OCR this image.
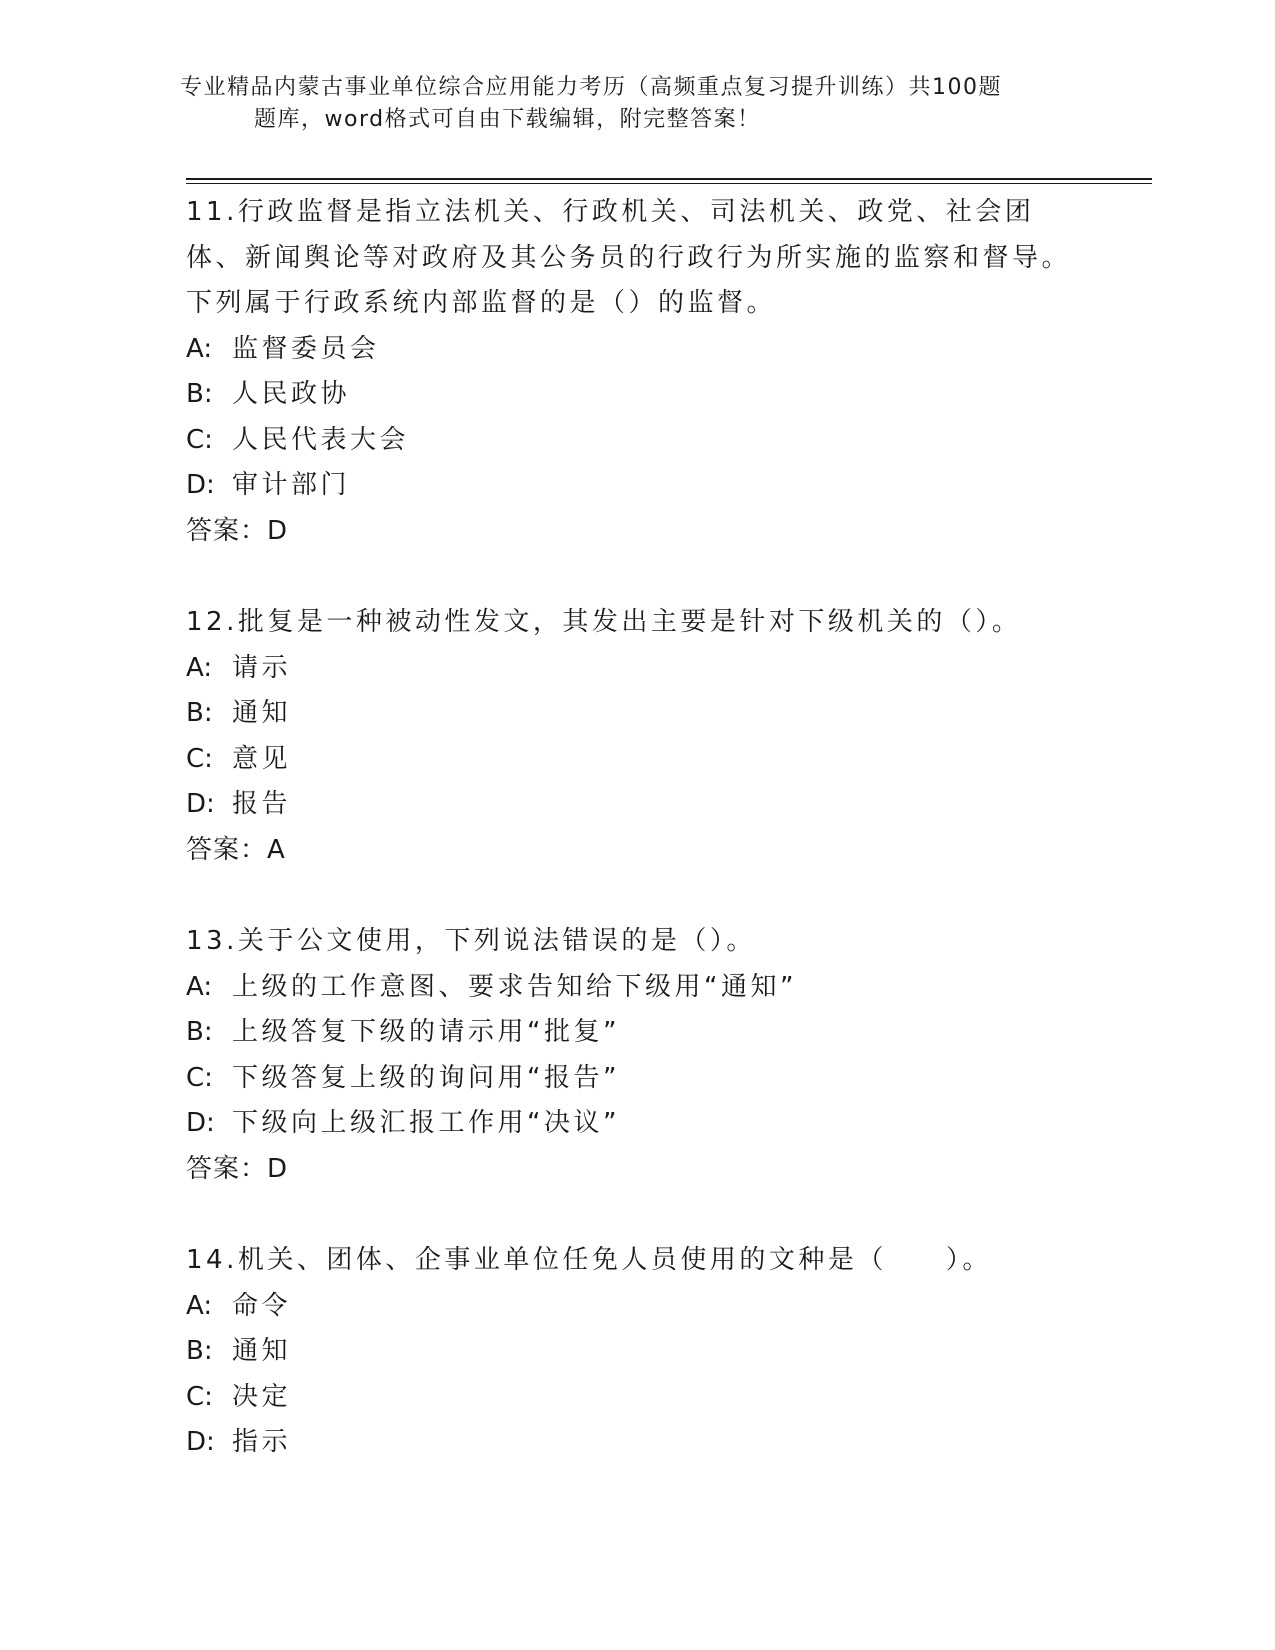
专业精品内蒙古事业单位综合应用能力考历（高频重点复习提升训练）共100题
题库，word格式可自由下载编辑，附完整答案！

11.行政监督是指立法机关、行政机关、司法机关、政党、社会团体、新闻舆论等对政府及其公务员的行政行为所实施的监察和督导。下列属于行政系统内部监督的是（）的监督。

A: 监督委员会

B: 人民政协

C: 人民代表大会

D: 审计部门

答案：D

12.批复是一种被动性发文，其发出主要是针对下级机关的（）。

A: 请示

B: 通知

C: 意见

D: 报告

答案：A

13.关于公文使用，下列说法错误的是（）。

A: 上级的工作意图、要求告知给下级用“通知”

B: 上级答复下级的请示用“批复”

C: 下级答复上级的询问用“报告”

D: 下级向上级汇报工作用“决议”

答案：D

14.机关、团体、企事业单位任免人员使用的文种是（　　）。

A: 命令

B: 通知

C: 决定

D: 指示
